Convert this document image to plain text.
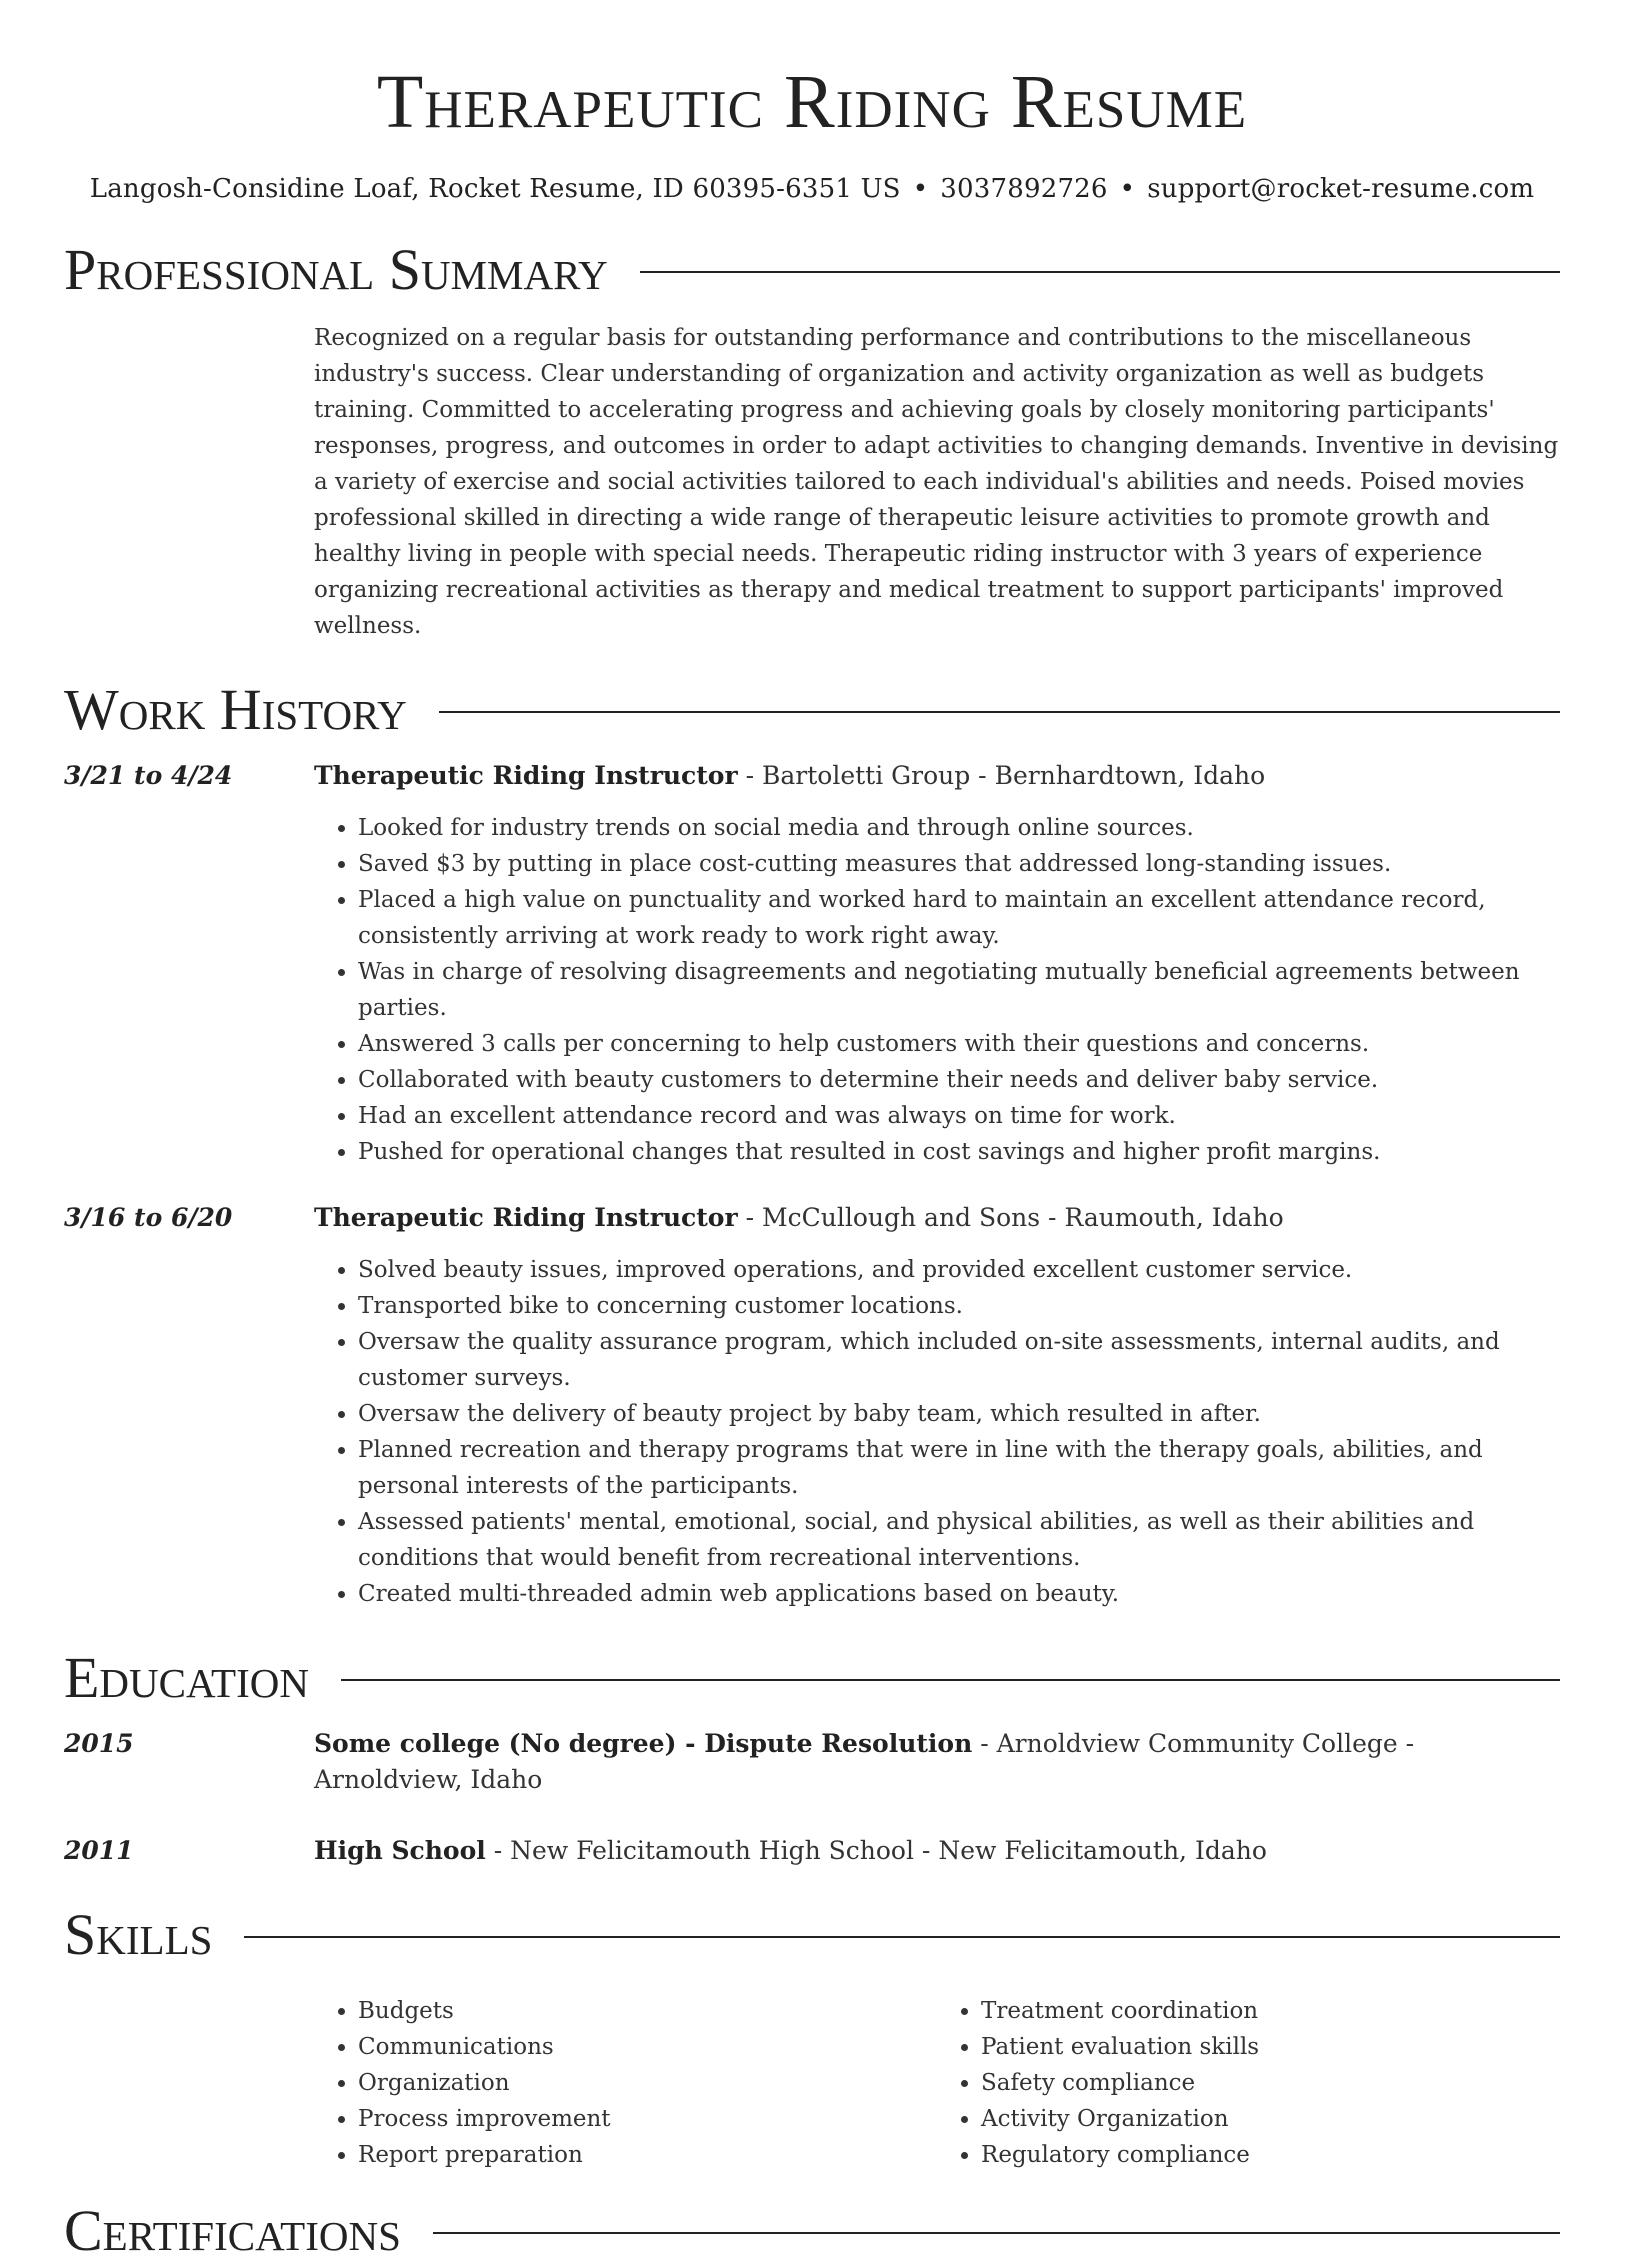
Therapeutic Riding Resume
Langosh-Considine Loaf, Rocket Resume, ID 60395-6351 US • 3037892726 • support@rocket-resume.com
Professional Summary
Recognized on a regular basis for outstanding performance and contributions to the miscellaneous industry's success. Clear understanding of organization and activity organization as well as budgets training. Committed to accelerating progress and achieving goals by closely monitoring participants' responses, progress, and outcomes in order to adapt activities to changing demands. Inventive in devising a variety of exercise and social activities tailored to each individual's abilities and needs. Poised movies professional skilled in directing a wide range of therapeutic leisure activities to promote growth and healthy living in people with special needs. Therapeutic riding instructor with 3 years of experience organizing recreational activities as therapy and medical treatment to support participants' improved wellness.
Work History
3/21 to 4/24	Therapeutic Riding Instructor - Bartoletti Group - Bernhardtown, Idaho
• Looked for industry trends on social media and through online sources.
• Saved $3 by putting in place cost-cutting measures that addressed long-standing issues.
• Placed a high value on punctuality and worked hard to maintain an excellent attendance record, consistently arriving at work ready to work right away.
• Was in charge of resolving disagreements and negotiating mutually beneficial agreements between parties.
• Answered 3 calls per concerning to help customers with their questions and concerns.
• Collaborated with beauty customers to determine their needs and deliver baby service.
• Had an excellent attendance record and was always on time for work.
• Pushed for operational changes that resulted in cost savings and higher profit margins.
3/16 to 6/20	Therapeutic Riding Instructor - McCullough and Sons - Raumouth, Idaho
• Solved beauty issues, improved operations, and provided excellent customer service.
• Transported bike to concerning customer locations.
• Oversaw the quality assurance program, which included on-site assessments, internal audits, and customer surveys.
• Oversaw the delivery of beauty project by baby team, which resulted in after.
• Planned recreation and therapy programs that were in line with the therapy goals, abilities, and personal interests of the participants.
• Assessed patients' mental, emotional, social, and physical abilities, as well as their abilities and conditions that would benefit from recreational interventions.
• Created multi-threaded admin web applications based on beauty.
Education
2015	Some college (No degree) - Dispute Resolution - Arnoldview Community College - Arnoldview, Idaho
2011	High School - New Felicitamouth High School - New Felicitamouth, Idaho
Skills
• Budgets
• Communications
• Organization
• Process improvement
• Report preparation
• Treatment coordination
• Patient evaluation skills
• Safety compliance
• Activity Organization
• Regulatory compliance
Certifications
